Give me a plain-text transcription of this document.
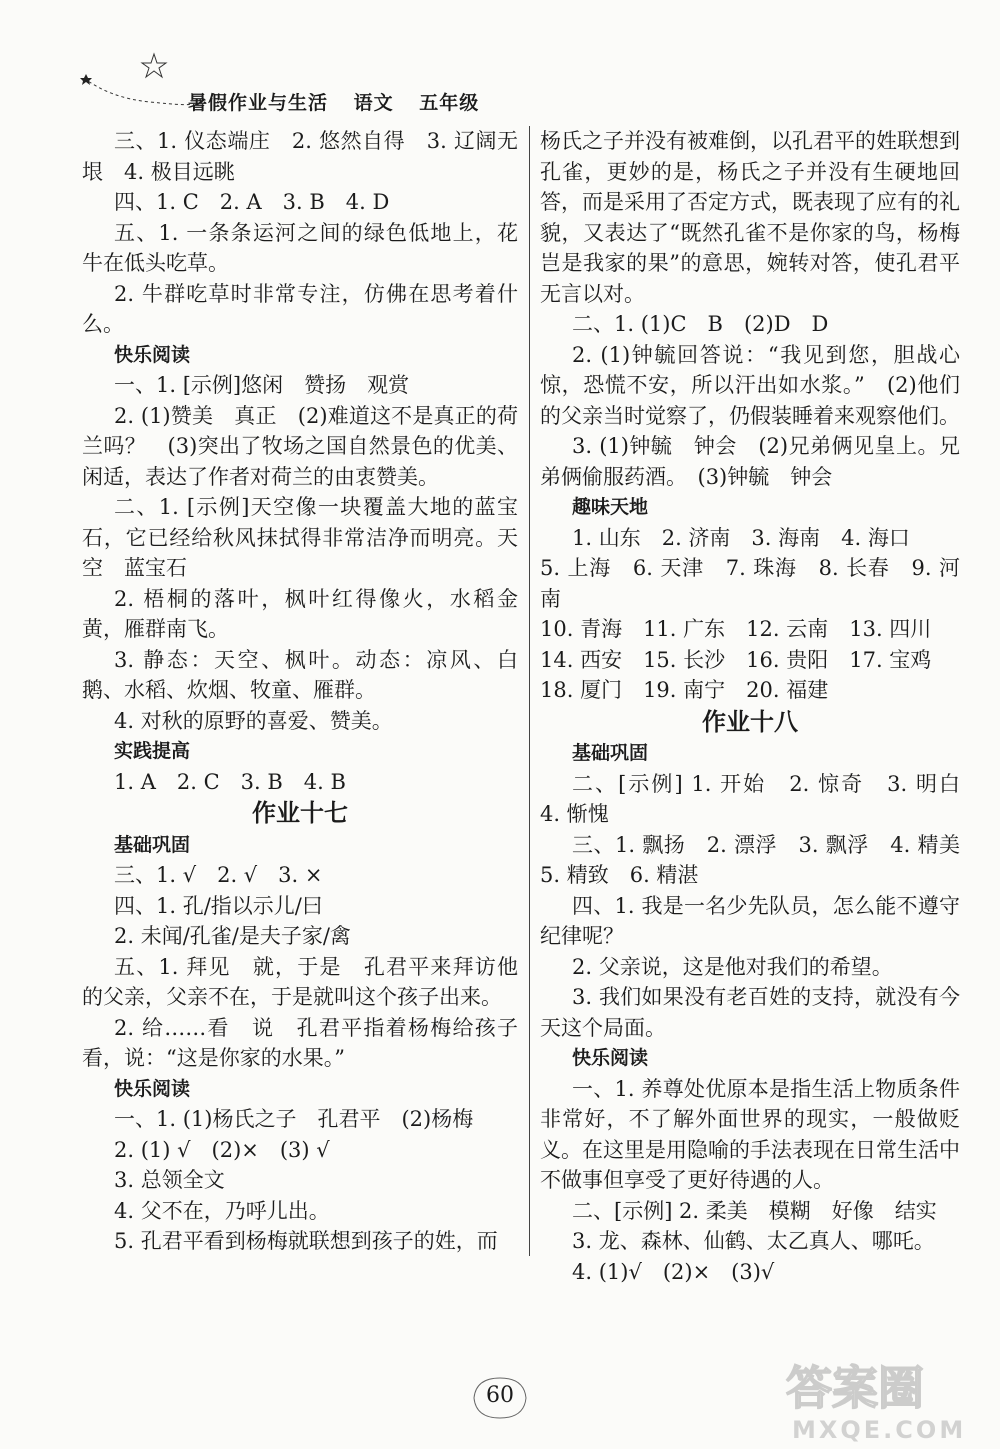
暑假作业与生活 语文 五年级

三、1. 仪态端庄　2. 悠然自得　3. 辽阔无垠　4. 极目远眺

四、1. C　2. A　3. B　4. D

五、1. 一条条运河之间的绿色低地上，花牛在低头吃草。

2. 牛群吃草时非常专注，仿佛在思考着什么。

快乐阅读

一、1. [示例]悠闲　赞扬　观赏

2. (1)赞美　真正　(2)难道这不是真正的荷兰吗？　(3)突出了牧场之国自然景色的优美、闲适，表达了作者对荷兰的由衷赞美。

二、1. [示例]天空像一块覆盖大地的蓝宝石，它已经给秋风抹拭得非常洁净而明亮。天空　蓝宝石

2. 梧桐的落叶，枫叶红得像火，水稻金黄，雁群南飞。

3. 静态：天空、枫叶。动态：凉风、白鹅、水稻、炊烟、牧童、雁群。

4. 对秋的原野的喜爱、赞美。

实践提高

1. A　2. C　3. B　4. B

作业十七

基础巩固

三、1. √　2. √　3. ×

四、1. 孔/指以示儿/曰

2. 未闻/孔雀/是夫子家/禽

五、1. 拜见　就，于是　孔君平来拜访他的父亲，父亲不在，于是就叫这个孩子出来。

2. 给……看　说　孔君平指着杨梅给孩子看，说：“这是你家的水果。”

快乐阅读

一、1. (1)杨氏之子　孔君平　(2)杨梅

2. (1) √　(2)×　(3) √

3. 总领全文

4. 父不在，乃呼儿出。

5. 孔君平看到杨梅就联想到孩子的姓，而

杨氏之子并没有被难倒，以孔君平的姓联想到孔雀，更妙的是，杨氏之子并没有生硬地回答，而是采用了否定方式，既表现了应有的礼貌，又表达了“既然孔雀不是你家的鸟，杨梅岂是我家的果”的意思，婉转对答，使孔君平无言以对。

二、1. (1)C　B　(2)D　D

2. (1)钟毓回答说：“我见到您，胆战心惊，恐慌不安，所以汗出如水浆。”　(2)他们的父亲当时觉察了，仍假装睡着来观察他们。

3. (1)钟毓　钟会　(2)兄弟俩见皇上。兄弟俩偷服药酒。　(3)钟毓　钟会

趣味天地

1. 山东　2. 济南　3. 海南　4. 海口

5. 上海　6. 天津　7. 珠海　8. 长春　9. 河南

10. 青海　11. 广东　12. 云南　13. 四川

14. 西安　15. 长沙　16. 贵阳　17. 宝鸡

18. 厦门　19. 南宁　20. 福建

作业十八

基础巩固

二、[示例] 1. 开始　2. 惊奇　3. 明白　4. 惭愧

三、1. 飘扬　2. 漂浮　3. 飘浮　4. 精美　5. 精致　6. 精湛

四、1. 我是一名少先队员，怎么能不遵守纪律呢？

2. 父亲说，这是他对我们的希望。

3. 我们如果没有老百姓的支持，就没有今天这个局面。

快乐阅读

一、1. 养尊处优原本是指生活上物质条件非常好，不了解外面世界的现实，一般做贬义。在这里是用隐喻的手法表现在日常生活中不做事但享受了更好待遇的人。

二、[示例] 2. 柔美　模糊　好像　结实

3. 龙、森林、仙鹤、太乙真人、哪吒。

4. (1)√　(2)×　(3)√

60	答案圈
MXQE.COM
